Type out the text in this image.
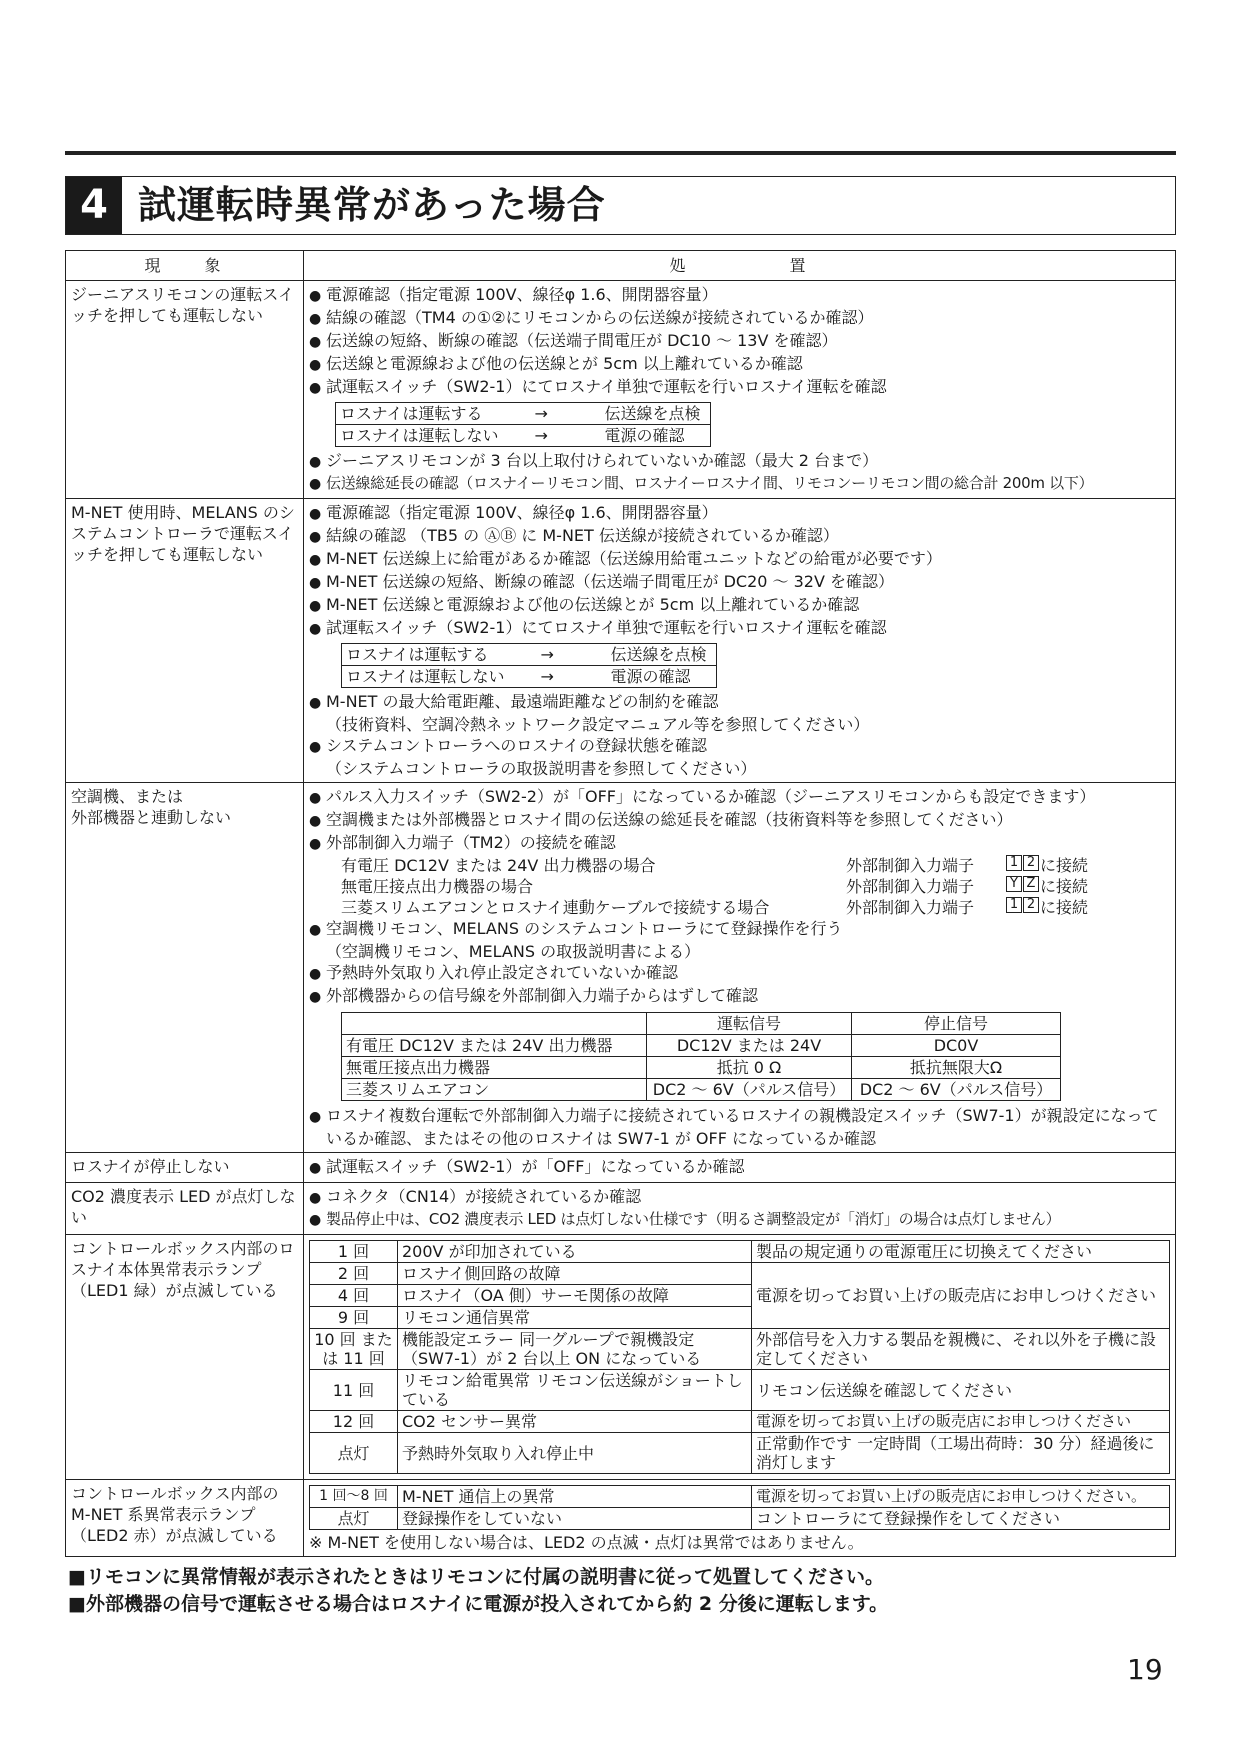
4 試運転時異常があった場合
現　　象	処　　　　　置
ジーニアスリモコンの運転スイッチを押しても運転しない	
● 電源確認（指定電源 100V、線径φ 1.6、開閉器容量）
● 結線の確認（TM4 の①②にリモコンからの伝送線が接続されているか確認）
● 伝送線の短絡、断線の確認（伝送端子間電圧が DC10 ～ 13V を確認）
● 伝送線と電源線および他の伝送線とが 5cm 以上離れているか確認
● 試運転スイッチ（SW2-1）にてロスナイ単独で運転を行いロスナイ運転を確認
ロスナイは運転する	→	伝送線を点検
ロスナイは運転しない	→	電源の確認
● ジーニアスリモコンが 3 台以上取付けられていないか確認（最大 2 台まで）
● 伝送線総延長の確認（ロスナイーリモコン間、ロスナイーロスナイ間、リモコンーリモコン間の総合計 200m 以下）

M-NET 使用時、MELANS のシステムコントローラで運転スイッチを押しても運転しない	
● 電源確認（指定電源 100V、線径φ 1.6、開閉器容量）
● 結線の確認 （TB5 の ⒶⒷ に M-NET 伝送線が接続されているか確認）
● M-NET 伝送線上に給電があるか確認（伝送線用給電ユニットなどの給電が必要です）
● M-NET 伝送線の短絡、断線の確認（伝送端子間電圧が DC20 ～ 32V を確認）
● M-NET 伝送線と電源線および他の伝送線とが 5cm 以上離れているか確認
● 試運転スイッチ（SW2-1）にてロスナイ単独で運転を行いロスナイ運転を確認
ロスナイは運転する	→	伝送線を点検
ロスナイは運転しない	→	電源の確認
● M-NET の最大給電距離、最遠端距離などの制約を確認
（技術資料、空調冷熱ネットワーク設定マニュアル等を参照してください）
● システムコントローラへのロスナイの登録状態を確認
（システムコントローラの取扱説明書を参照してください）

空調機、または
外部機器と連動しない

● パルス入力スイッチ（SW2-2）が「OFF」になっているか確認（ジーニアスリモコンからも設定できます）
● 空調機または外部機器とロスナイ間の伝送線の総延長を確認（技術資料等を参照してください）
● 外部制御入力端子（TM2）の接続を確認
有電圧 DC12V または 24V 出力機器の場合	外部制御入力端子	1 2 に接続
無電圧接点出力機器の場合	外部制御入力端子	Y Z に接続
三菱スリムエアコンとロスナイ連動ケーブルで接続する場合	外部制御入力端子	1 2 に接続
● 空調機リモコン、MELANS のシステムコントローラにて登録操作を行う
（空調機リモコン、MELANS の取扱説明書による）
● 予熱時外気取り入れ停止設定されていないか確認
● 外部機器からの信号線を外部制御入力端子からはずして確認
	運転信号	停止信号
有電圧 DC12V または 24V 出力機器	DC12V または 24V	DC0V
無電圧接点出力機器	抵抗 0 Ω	抵抗無限大Ω
三菱スリムエアコン	DC2 ～ 6V（パルス信号）	DC2 ～ 6V（パルス信号）
● ロスナイ複数台運転で外部制御入力端子に接続されているロスナイの親機設定スイッチ（SW7-1）が親設定になっているか確認、またはその他のロスナイは SW7-1 が OFF になっているか確認

ロスナイが停止しない	
●試運転スイッチ（SW2-1）が「OFF」になっているか確認

CO2 濃度表示 LED が点灯しない	
● コネクタ（CN14）が接続されているか確認
● 製品停止中は、CO2 濃度表示 LED は点灯しない仕様です（明るさ調整設定が「消灯」の場合は点灯しません）

コントロールボックス内部のロスナイ本体異常表示ランプ（LED1 緑）が点滅している	
1 回	200V が印加されている	製品の規定通りの電源電圧に切換えてください
2 回	ロスナイ側回路の故障	電源を切ってお買い上げの販売店にお申しつけください
4 回	ロスナイ（OA 側）サーモ関係の故障
9 回	リモコン通信異常
10 回 または 11 回	機能設定エラー 同一グループで親機設定（SW7-1）が 2 台以上 ON になっている	外部信号を入力する製品を親機に、それ以外を子機に設定してください
11 回	リモコン給電異常 リモコン伝送線がショートしている	リモコン伝送線を確認してください
12 回	CO2 センサー異常	電源を切ってお買い上げの販売店にお申しつけください
点灯	予熱時外気取り入れ停止中	正常動作です 一定時間（工場出荷時：30 分）経過後に消灯します

コントロールボックス内部の M-NET 系異常表示ランプ（LED2 赤）が点滅している	
1 回～8 回	M-NET 通信上の異常	電源を切ってお買い上げの販売店にお申しつけください。
点灯	登録操作をしていない	コントローラにて登録操作をしてください
※ M-NET を使用しない場合は、LED2 の点滅・点灯は異常ではありません。
■リモコンに異常情報が表示されたときはリモコンに付属の説明書に従って処置してください。
■外部機器の信号で運転させる場合はロスナイに電源が投入されてから約 2 分後に運転します。
19
